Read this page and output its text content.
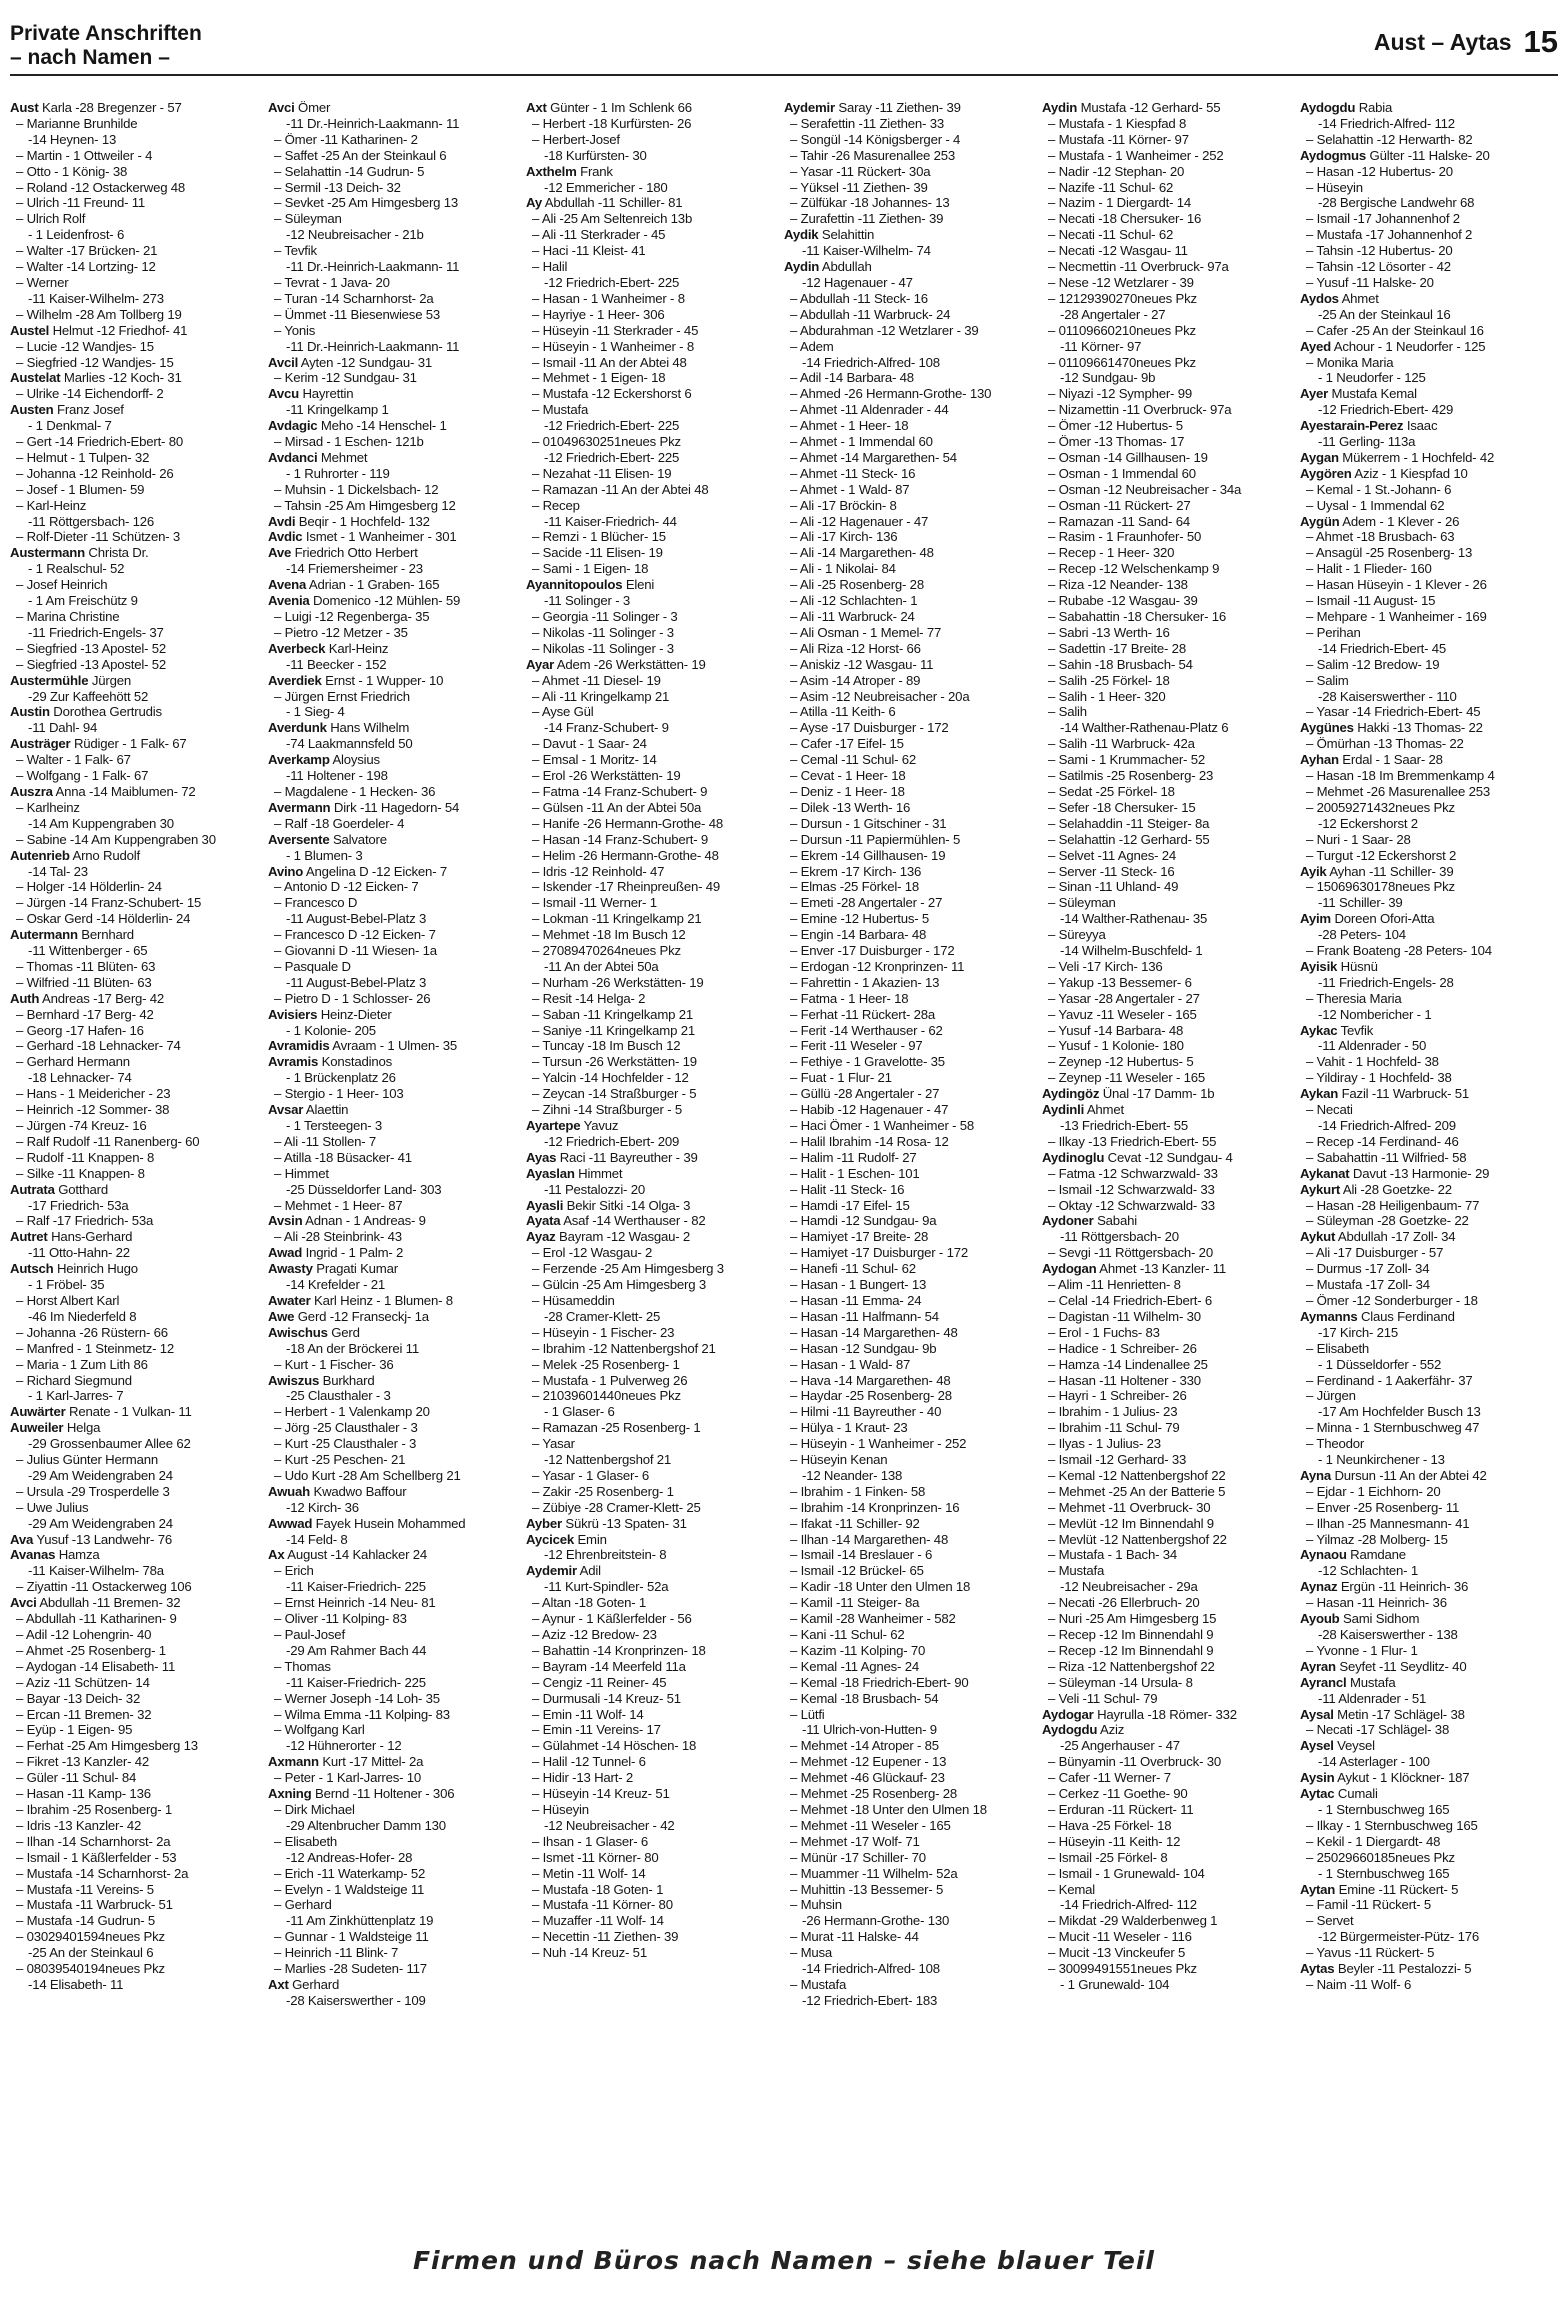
Private Anschriften
– nach Namen –
Aust – Aytas 15
Aust Karla -28 Bregenzer - 57
– Marianne Brunhilde
-14 Heynen- 13
– Martin - 1 Ottweiler - 4
– Otto - 1 König- 38
– Roland -12 Ostackerweg 48
– Ulrich -11 Freund- 11
– Ulrich Rolf
- 1 Leidenfrost- 6
– Walter -17 Brücken- 21
– Walter -14 Lortzing- 12
– Werner
-11 Kaiser-Wilhelm- 273
– Wilhelm -28 Am Tollberg 19
Austel Helmut -12 Friedhof- 41
– Lucie -12 Wandjes- 15
– Siegfried -12 Wandjes- 15
Austelat Marlies -12 Koch- 31
– Ulrike -14 Eichendorff- 2
Austen Franz Josef
- 1 Denkmal- 7
– Gert -14 Friedrich-Ebert- 80
– Helmut - 1 Tulpen- 32
– Johanna -12 Reinhold- 26
– Josef - 1 Blumen- 59
– Karl-Heinz
-11 Röttgersbach- 126
– Rolf-Dieter -11 Schützen- 3
Austermann Christa Dr.
- 1 Realschul- 52
– Josef Heinrich
- 1 Am Freischütz 9
– Marina Christine
-11 Friedrich-Engels- 37
– Siegfried -13 Apostel- 52
– Siegfried -13 Apostel- 52
Austermühle Jürgen
-29 Zur Kaffeehött 52
Austin Dorothea Gertrudis
-11 Dahl- 94
Austräger Rüdiger - 1 Falk- 67
– Walter - 1 Falk- 67
– Wolfgang - 1 Falk- 67
Auszra Anna -14 Maiblumen- 72
– Karlheinz
-14 Am Kuppengraben 30
– Sabine -14 Am Kuppengraben 30
Autenrieb Arno Rudolf
-14 Tal- 23
– Holger -14 Hölderlin- 24
– Jürgen -14 Franz-Schubert- 15
– Oskar Gerd -14 Hölderlin- 24
Autermann Bernhard
-11 Wittenberger - 65
– Thomas -11 Blüten- 63
– Wilfried -11 Blüten- 63
Auth Andreas -17 Berg- 42
– Bernhard -17 Berg- 42
– Georg -17 Hafen- 16
– Gerhard -18 Lehnacker- 74
– Gerhard Hermann
-18 Lehnacker- 74
– Hans - 1 Meidericher - 23
– Heinrich -12 Sommer- 38
– Jürgen -74 Kreuz- 16
– Ralf Rudolf -11 Ranenberg- 60
– Rudolf -11 Knappen- 8
– Silke -11 Knappen- 8
Autrata Gotthard
-17 Friedrich- 53a
– Ralf -17 Friedrich- 53a
Autret Hans-Gerhard
-11 Otto-Hahn- 22
Autsch Heinrich Hugo
- 1 Fröbel- 35
– Horst Albert Karl
-46 Im Niederfeld 8
– Johanna -26 Rüstern- 66
– Manfred - 1 Steinmetz- 12
– Maria - 1 Zum Lith 86
– Richard Siegmund
- 1 Karl-Jarres- 7
Auwärter Renate - 1 Vulkan- 11
Auweiler Helga
-29 Grossenbaumer Allee 62
– Julius Günter Hermann
-29 Am Weidengraben 24
– Ursula -29 Trosperdelle 3
– Uwe Julius
-29 Am Weidengraben 24
Ava Yusuf -13 Landwehr- 76
Avanas Hamza
-11 Kaiser-Wilhelm- 78a
– Ziyattin -11 Ostackerweg 106
Avci Abdullah -11 Bremen- 32
– Abdullah -11 Katharinen- 9
– Adil -12 Lohengrin- 40
– Ahmet -25 Rosenberg- 1
– Aydogan -14 Elisabeth- 11
– Aziz -11 Schützen- 14
– Bayar -13 Deich- 32
– Ercan -11 Bremen- 32
– Eyüp - 1 Eigen- 95
– Ferhat -25 Am Himgesberg 13
– Fikret -13 Kanzler- 42
– Güler -11 Schul- 84
– Hasan -11 Kamp- 136
– Ibrahim -25 Rosenberg- 1
– Idris -13 Kanzler- 42
– Ilhan -14 Scharnhorst- 2a
– Ismail - 1 Käßlerfelder - 53
– Mustafa -14 Scharnhorst- 2a
– Mustafa -11 Vereins- 5
– Mustafa -11 Warbruck- 51
– Mustafa -14 Gudrun- 5
– 03029401594neues Pkz
-25 An der Steinkaul 6
– 08039540194neues Pkz
-14 Elisabeth- 11
Avci Ömer
-11 Dr.-Heinrich-Laakmann- 11
– Ömer -11 Katharinen- 2
– Saffet -25 An der Steinkaul 6
– Selahattin -14 Gudrun- 5
– Sermil -13 Deich- 32
– Sevket -25 Am Himgesberg 13
– Süleyman
-12 Neubreisacher - 21b
– Tevfik
-11 Dr.-Heinrich-Laakmann- 11
– Tevrat - 1 Java- 20
– Turan -14 Scharnhorst- 2a
– Ümmet -11 Biesenwiese 53
– Yonis
-11 Dr.-Heinrich-Laakmann- 11
Avcil Ayten -12 Sundgau- 31
– Kerim -12 Sundgau- 31
Avcu Hayrettin
-11 Kringelkamp 1
Avdagic Meho -14 Henschel- 1
– Mirsad - 1 Eschen- 121b
Avdanci Mehmet
- 1 Ruhrorter - 119
– Muhsin - 1 Dickelsbach- 12
– Tahsin -25 Am Himgesberg 12
Avdi Beqir - 1 Hochfeld- 132
Avdic Ismet - 1 Wanheimer - 301
Ave Friedrich Otto Herbert
-14 Friemersheimer - 23
Avena Adrian - 1 Graben- 165
Avenia Domenico -12 Mühlen- 59
– Luigi -12 Regenberga- 35
– Pietro -12 Metzer - 35
Averbeck Karl-Heinz
-11 Beecker - 152
Averdiek Ernst - 1 Wupper- 10
– Jürgen Ernst Friedrich
- 1 Sieg- 4
Averdunk Hans Wilhelm
-74 Laakmannsfeld 50
Averkamp Aloysius
-11 Holtener - 198
– Magdalene - 1 Hecken- 36
Avermann Dirk -11 Hagedorn- 54
– Ralf -18 Goerdeler- 4
Aversente Salvatore
- 1 Blumen- 3
Avino Angelina D -12 Eicken- 7
– Antonio D -12 Eicken- 7
– Francesco D
-11 August-Bebel-Platz 3
– Francesco D -12 Eicken- 7
– Giovanni D -11 Wiesen- 1a
– Pasquale D
-11 August-Bebel-Platz 3
– Pietro D - 1 Schlosser- 26
Avisiers Heinz-Dieter
- 1 Kolonie- 205
Avramidis Avraam - 1 Ulmen- 35
Avramis Konstadinos
- 1 Brückenplatz 26
– Stergio - 1 Heer- 103
Avsar Alaettin
- 1 Tersteegen- 3
– Ali -11 Stollen- 7
– Atilla -18 Büsacker- 41
– Himmet
-25 Düsseldorfer Land- 303
– Mehmet - 1 Heer- 87
Avsin Adnan - 1 Andreas- 9
– Ali -28 Steinbrink- 43
Awad Ingrid - 1 Palm- 2
Awasty Pragati Kumar
-14 Krefelder - 21
Awater Karl Heinz - 1 Blumen- 8
Awe Gerd -12 Franseckj- 1a
Awischus Gerd
-18 An der Bröckerei 11
– Kurt - 1 Fischer- 36
Awiszus Burkhard
-25 Clausthaler - 3
– Herbert - 1 Valenkamp 20
– Jörg -25 Clausthaler - 3
– Kurt -25 Clausthaler - 3
– Kurt -25 Peschen- 21
– Udo Kurt -28 Am Schellberg 21
Awuah Kwadwo Baffour
-12 Kirch- 36
Awwad Fayek Husein Mohammed
-14 Feld- 8
Ax August -14 Kahlacker 24
– Erich
-11 Kaiser-Friedrich- 225
– Ernst Heinrich -14 Neu- 81
– Oliver -11 Kolping- 83
– Paul-Josef
-29 Am Rahmer Bach 44
– Thomas
-11 Kaiser-Friedrich- 225
– Werner Joseph -14 Loh- 35
– Wilma Emma -11 Kolping- 83
– Wolfgang Karl
-12 Hühnerorter - 12
Axmann Kurt -17 Mittel- 2a
– Peter - 1 Karl-Jarres- 10
Axning Bernd -11 Holtener - 306
– Dirk Michael
-29 Altenbrucher Damm 130
– Elisabeth
-12 Andreas-Hofer- 28
– Erich -11 Waterkamp- 52
– Evelyn - 1 Waldsteige 11
– Gerhard
-11 Am Zinkhüttenplatz 19
– Gunnar - 1 Waldsteige 11
– Heinrich -11 Blink- 7
– Marlies -28 Sudeten- 117
Axt Gerhard
-28 Kaiserswerther - 109
Axt Günter - 1 Im Schlenk 66
– Herbert -18 Kurfürsten- 26
– Herbert-Josef
-18 Kurfürsten- 30
Axthelm Frank
-12 Emmericher - 180
Ay Abdullah -11 Schiller- 81
– Ali -25 Am Seltenreich 13b
– Ali -11 Sterkrader - 45
– Haci -11 Kleist- 41
– Halil
-12 Friedrich-Ebert- 225
– Hasan - 1 Wanheimer - 8
– Hayriye - 1 Heer- 306
– Hüseyin -11 Sterkrader - 45
– Hüseyin - 1 Wanheimer - 8
– Ismail -11 An der Abtei 48
– Mehmet - 1 Eigen- 18
– Mustafa -12 Eckershorst 6
– Mustafa
-12 Friedrich-Ebert- 225
– 01049630251neues Pkz
-12 Friedrich-Ebert- 225
– Nezahat -11 Elisen- 19
– Ramazan -11 An der Abtei 48
– Recep
-11 Kaiser-Friedrich- 44
– Remzi - 1 Blücher- 15
– Sacide -11 Elisen- 19
– Sami - 1 Eigen- 18
Ayannitopoulos Eleni
-11 Solinger - 3
– Georgia -11 Solinger - 3
– Nikolas -11 Solinger - 3
– Nikolas -11 Solinger - 3
Ayar Adem -26 Werkstätten- 19
– Ahmet -11 Diesel- 19
– Ali -11 Kringelkamp 21
– Ayse Gül
-14 Franz-Schubert- 9
– Davut - 1 Saar- 24
– Emsal - 1 Moritz- 14
– Erol -26 Werkstätten- 19
– Fatma -14 Franz-Schubert- 9
– Gülsen -11 An der Abtei 50a
– Hanife -26 Hermann-Grothe- 48
– Hasan -14 Franz-Schubert- 9
– Helim -26 Hermann-Grothe- 48
– Idris -12 Reinhold- 47
– Iskender -17 Rheinpreußen- 49
– Ismail -11 Werner- 1
– Lokman -11 Kringelkamp 21
– Mehmet -18 Im Busch 12
– 27089470264neues Pkz
-11 An der Abtei 50a
– Nurham -26 Werkstätten- 19
– Resit -14 Helga- 2
– Saban -11 Kringelkamp 21
– Saniye -11 Kringelkamp 21
– Tuncay -18 Im Busch 12
– Tursun -26 Werkstätten- 19
– Yalcin -14 Hochfelder - 12
– Zeycan -14 Straßburger - 5
– Zihni -14 Straßburger - 5
Ayartepe Yavuz
-12 Friedrich-Ebert- 209
Ayas Raci -11 Bayreuther - 39
Ayaslan Himmet
-11 Pestalozzi- 20
Ayasli Bekir Sitki -14 Olga- 3
Ayata Asaf -14 Werthauser - 82
Ayaz Bayram -12 Wasgau- 2
– Erol -12 Wasgau- 2
– Ferzende -25 Am Himgesberg 3
– Gülcin -25 Am Himgesberg 3
– Hüsameddin
-28 Cramer-Klett- 25
– Hüseyin - 1 Fischer- 23
– Ibrahim -12 Nattenbergshof 21
– Melek -25 Rosenberg- 1
– Mustafa - 1 Pulverweg 26
– 21039601440neues Pkz
- 1 Glaser- 6
– Ramazan -25 Rosenberg- 1
– Yasar
-12 Nattenbergshof 21
– Yasar - 1 Glaser- 6
– Zakir -25 Rosenberg- 1
– Zübiye -28 Cramer-Klett- 25
Ayber Sükrü -13 Spaten- 31
Aycicek Emin
-12 Ehrenbreitstein- 8
Aydemir Adil
-11 Kurt-Spindler- 52a
– Altan -18 Goten- 1
– Aynur - 1 Käßlerfelder - 56
– Aziz -12 Bredow- 23
– Bahattin -14 Kronprinzen- 18
– Bayram -14 Meerfeld 11a
– Cengiz -11 Reiner- 45
– Durmusali -14 Kreuz- 51
– Emin -11 Wolf- 14
– Emin -11 Vereins- 17
– Gülahmet -14 Höschen- 18
– Halil -12 Tunnel- 6
– Hidir -13 Hart- 2
– Hüseyin -14 Kreuz- 51
– Hüseyin
-12 Neubreisacher - 42
– Ihsan - 1 Glaser- 6
– Ismet -11 Körner- 80
– Metin -11 Wolf- 14
– Mustafa -18 Goten- 1
– Mustafa -11 Körner- 80
– Muzaffer -11 Wolf- 14
– Necettin -11 Ziethen- 39
– Nuh -14 Kreuz- 51
Aydemir Saray -11 Ziethen- 39
– Serafettin -11 Ziethen- 33
– Songül -14 Königsberger - 4
– Tahir -26 Masurenallee 253
– Yasar -11 Rückert- 30a
– Yüksel -11 Ziethen- 39
– Zülfükar -18 Johannes- 13
– Zurafettin -11 Ziethen- 39
Aydik Selahittin
-11 Kaiser-Wilhelm- 74
Aydin Abdullah
-12 Hagenauer - 47
– Abdullah -11 Steck- 16
– Abdullah -11 Warbruck- 24
– Abdurahman -12 Wetzlarer - 39
– Adem
-14 Friedrich-Alfred- 108
– Adil -14 Barbara- 48
– Ahmed -26 Hermann-Grothe- 130
– Ahmet -11 Aldenrader - 44
– Ahmet - 1 Heer- 18
– Ahmet - 1 Immendal 60
– Ahmet -14 Margarethen- 54
– Ahmet -11 Steck- 16
– Ahmet - 1 Wald- 87
– Ali -17 Bröckin- 8
– Ali -12 Hagenauer - 47
– Ali -17 Kirch- 136
– Ali -14 Margarethen- 48
– Ali - 1 Nikolai- 84
– Ali -25 Rosenberg- 28
– Ali -12 Schlachten- 1
– Ali -11 Warbruck- 24
– Ali Osman - 1 Memel- 77
– Ali Riza -12 Horst- 66
– Aniskiz -12 Wasgau- 11
– Asim -14 Atroper - 89
– Asim -12 Neubreisacher - 20a
– Atilla -11 Keith- 6
– Ayse -17 Duisburger - 172
– Cafer -17 Eifel- 15
– Cemal -11 Schul- 62
– Cevat - 1 Heer- 18
– Deniz - 1 Heer- 18
– Dilek -13 Werth- 16
– Dursun - 1 Gitschiner - 31
– Dursun -11 Papiermühlen- 5
– Ekrem -14 Gillhausen- 19
– Ekrem -17 Kirch- 136
– Elmas -25 Förkel- 18
– Emeti -28 Angertaler - 27
– Emine -12 Hubertus- 5
– Engin -14 Barbara- 48
– Enver -17 Duisburger - 172
– Erdogan -12 Kronprinzen- 11
– Fahrettin - 1 Akazien- 13
– Fatma - 1 Heer- 18
– Ferhat -11 Rückert- 28a
– Ferit -14 Werthauser - 62
– Ferit -11 Weseler - 97
– Fethiye - 1 Gravelotte- 35
– Fuat - 1 Flur- 21
– Güllü -28 Angertaler - 27
– Habib -12 Hagenauer - 47
– Haci Ömer - 1 Wanheimer - 58
– Halil Ibrahim -14 Rosa- 12
– Halim -11 Rudolf- 27
– Halit - 1 Eschen- 101
– Halit -11 Steck- 16
– Hamdi -17 Eifel- 15
– Hamdi -12 Sundgau- 9a
– Hamiyet -17 Breite- 28
– Hamiyet -17 Duisburger - 172
– Hanefi -11 Schul- 62
– Hasan - 1 Bungert- 13
– Hasan -11 Emma- 24
– Hasan -11 Halfmann- 54
– Hasan -14 Margarethen- 48
– Hasan -12 Sundgau- 9b
– Hasan - 1 Wald- 87
– Hava -14 Margarethen- 48
– Haydar -25 Rosenberg- 28
– Hilmi -11 Bayreuther - 40
– Hülya - 1 Kraut- 23
– Hüseyin - 1 Wanheimer - 252
– Hüseyin Kenan
-12 Neander- 138
– Ibrahim - 1 Finken- 58
– Ibrahim -14 Kronprinzen- 16
– Ifakat -11 Schiller- 92
– Ilhan -14 Margarethen- 48
– Ismail -14 Breslauer - 6
– Ismail -12 Brückel- 65
– Kadir -18 Unter den Ulmen 18
– Kamil -11 Steiger- 8a
– Kamil -28 Wanheimer - 582
– Kani -11 Schul- 62
– Kazim -11 Kolping- 70
– Kemal -11 Agnes- 24
– Kemal -18 Friedrich-Ebert- 90
– Kemal -18 Brusbach- 54
– Lütfi
-11 Ulrich-von-Hutten- 9
– Mehmet -14 Atroper - 85
– Mehmet -12 Eupener - 13
– Mehmet -46 Glückauf- 23
– Mehmet -25 Rosenberg- 28
– Mehmet -18 Unter den Ulmen 18
– Mehmet -11 Weseler - 165
– Mehmet -17 Wolf- 71
– Münür -17 Schiller- 70
– Muammer -11 Wilhelm- 52a
– Muhittin -13 Bessemer- 5
– Muhsin
-26 Hermann-Grothe- 130
– Murat -11 Halske- 44
– Musa
-14 Friedrich-Alfred- 108
– Mustafa
-12 Friedrich-Ebert- 183
Aydin Mustafa -12 Gerhard- 55
– Mustafa - 1 Kiespfad 8
– Mustafa -11 Körner- 97
– Mustafa - 1 Wanheimer - 252
– Nadir -12 Stephan- 20
– Nazife -11 Schul- 62
– Nazim - 1 Diergardt- 14
– Necati -18 Chersuker- 16
– Necati -11 Schul- 62
– Necati -12 Wasgau- 11
– Necmettin -11 Overbruck- 97a
– Nese -12 Wetzlarer - 39
– 12129390270neues Pkz
-28 Angertaler - 27
– 01109660210neues Pkz
-11 Körner- 97
– 01109661470neues Pkz
-12 Sundgau- 9b
– Niyazi -12 Sympher- 99
– Nizamettin -11 Overbruck- 97a
– Ömer -12 Hubertus- 5
– Ömer -13 Thomas- 17
– Osman -14 Gillhausen- 19
– Osman - 1 Immendal 60
– Osman -12 Neubreisacher - 34a
– Osman -11 Rückert- 27
– Ramazan -11 Sand- 64
– Rasim - 1 Fraunhofer- 50
– Recep - 1 Heer- 320
– Recep -12 Welschenkamp 9
– Riza -12 Neander- 138
– Rubabe -12 Wasgau- 39
– Sabahattin -18 Chersuker- 16
– Sabri -13 Werth- 16
– Sadettin -17 Breite- 28
– Sahin -18 Brusbach- 54
– Salih -25 Förkel- 18
– Salih - 1 Heer- 320
– Salih
-14 Walther-Rathenau-Platz 6
– Salih -11 Warbruck- 42a
– Sami - 1 Krummacher- 52
– Satilmis -25 Rosenberg- 23
– Sedat -25 Förkel- 18
– Sefer -18 Chersuker- 15
– Selahaddin -11 Steiger- 8a
– Selahattin -12 Gerhard- 55
– Selvet -11 Agnes- 24
– Server -11 Steck- 16
– Sinan -11 Uhland- 49
– Süleyman
-14 Walther-Rathenau- 35
– Süreyya
-14 Wilhelm-Buschfeld- 1
– Veli -17 Kirch- 136
– Yakup -13 Bessemer- 6
– Yasar -28 Angertaler - 27
– Yavuz -11 Weseler - 165
– Yusuf -14 Barbara- 48
– Yusuf - 1 Kolonie- 180
– Zeynep -12 Hubertus- 5
– Zeynep -11 Weseler - 165
Aydingöz Ünal -17 Damm- 1b
Aydinli Ahmet
-13 Friedrich-Ebert- 55
– Ilkay -13 Friedrich-Ebert- 55
Aydinoglu Cevat -12 Sundgau- 4
– Fatma -12 Schwarzwald- 33
– Ismail -12 Schwarzwald- 33
– Oktay -12 Schwarzwald- 33
Aydoner Sabahi
-11 Röttgersbach- 20
– Sevgi -11 Röttgersbach- 20
Aydogan Ahmet -13 Kanzler- 11
– Alim -11 Henrietten- 8
– Celal -14 Friedrich-Ebert- 6
– Dagistan -11 Wilhelm- 30
– Erol - 1 Fuchs- 83
– Hadice - 1 Schreiber- 26
– Hamza -14 Lindenallee 25
– Hasan -11 Holtener - 330
– Hayri - 1 Schreiber- 26
– Ibrahim - 1 Julius- 23
– Ibrahim -11 Schul- 79
– Ilyas - 1 Julius- 23
– Ismail -12 Gerhard- 33
– Kemal -12 Nattenbergshof 22
– Mehmet -25 An der Batterie 5
– Mehmet -11 Overbruck- 30
– Mevlüt -12 Im Binnendahl 9
– Mevlüt -12 Nattenbergshof 22
– Mustafa - 1 Bach- 34
– Mustafa
-12 Neubreisacher - 29a
– Necati -26 Ellerbruch- 20
– Nuri -25 Am Himgesberg 15
– Recep -12 Im Binnendahl 9
– Recep -12 Im Binnendahl 9
– Riza -12 Nattenbergshof 22
– Süleyman -14 Ursula- 8
– Veli -11 Schul- 79
Aydogar Hayrulla -18 Römer- 332
Aydogdu Aziz
-25 Angerhauser - 47
– Bünyamin -11 Overbruck- 30
– Cafer -11 Werner- 7
– Cerkez -11 Goethe- 90
– Erduran -11 Rückert- 11
– Hava -25 Förkel- 18
– Hüseyin -11 Keith- 12
– Ismail -25 Förkel- 8
– Ismail - 1 Grunewald- 104
– Kemal
-14 Friedrich-Alfred- 112
– Mikdat -29 Walderbenweg 1
– Mucit -11 Weseler - 116
– Mucit -13 Vinckeufer 5
– 30099491551neues Pkz
- 1 Grunewald- 104
Aydogdu Rabia
-14 Friedrich-Alfred- 112
– Selahattin -12 Herwarth- 82
Aydogmus Gülter -11 Halske- 20
– Hasan -12 Hubertus- 20
– Hüseyin
-28 Bergische Landwehr 68
– Ismail -17 Johannenhof 2
– Mustafa -17 Johannenhof 2
– Tahsin -12 Hubertus- 20
– Tahsin -12 Lösorter - 42
– Yusuf -11 Halske- 20
Aydos Ahmet
-25 An der Steinkaul 16
– Cafer -25 An der Steinkaul 16
Ayed Achour - 1 Neudorfer - 125
– Monika Maria
- 1 Neudorfer - 125
Ayer Mustafa Kemal
-12 Friedrich-Ebert- 429
Ayestarain-Perez Isaac
-11 Gerling- 113a
Aygan Mükerrem - 1 Hochfeld- 42
Aygören Aziz - 1 Kiespfad 10
– Kemal - 1 St.-Johann- 6
– Uysal - 1 Immendal 62
Aygün Adem - 1 Klever - 26
– Ahmet -18 Brusbach- 63
– Ansagül -25 Rosenberg- 13
– Halit - 1 Flieder- 160
– Hasan Hüseyin - 1 Klever - 26
– Ismail -11 August- 15
– Mehpare - 1 Wanheimer - 169
– Perihan
-14 Friedrich-Ebert- 45
– Salim -12 Bredow- 19
– Salim
-28 Kaiserswerther - 110
– Yasar -14 Friedrich-Ebert- 45
Aygünes Hakki -13 Thomas- 22
– Ömürhan -13 Thomas- 22
Ayhan Erdal - 1 Saar- 28
– Hasan -18 Im Bremmenkamp 4
– Mehmet -26 Masurenallee 253
– 20059271432neues Pkz
-12 Eckershorst 2
– Nuri - 1 Saar- 28
– Turgut -12 Eckershorst 2
Ayik Ayhan -11 Schiller- 39
– 15069630178neues Pkz
-11 Schiller- 39
Ayim Doreen Ofori-Atta
-28 Peters- 104
– Frank Boateng -28 Peters- 104
Ayisik Hüsnü
-11 Friedrich-Engels- 28
– Theresia Maria
-12 Nombericher - 1
Aykac Tevfik
-11 Aldenrader - 50
– Vahit - 1 Hochfeld- 38
– Yildiray - 1 Hochfeld- 38
Aykan Fazil -11 Warbruck- 51
– Necati
-14 Friedrich-Alfred- 209
– Recep -14 Ferdinand- 46
– Sabahattin -11 Wilfried- 58
Aykanat Davut -13 Harmonie- 29
Aykurt Ali -28 Goetzke- 22
– Hasan -28 Heiligenbaum- 77
– Süleyman -28 Goetzke- 22
Aykut Abdullah -17 Zoll- 34
– Ali -17 Duisburger - 57
– Durmus -17 Zoll- 34
– Mustafa -17 Zoll- 34
– Ömer -12 Sonderburger - 18
Aymanns Claus Ferdinand
-17 Kirch- 215
– Elisabeth
- 1 Düsseldorfer - 552
– Ferdinand - 1 Aakerfähr- 37
– Jürgen
-17 Am Hochfelder Busch 13
– Minna - 1 Sternbuschweg 47
– Theodor
- 1 Neunkirchener - 13
Ayna Dursun -11 An der Abtei 42
– Ejdar - 1 Eichhorn- 20
– Enver -25 Rosenberg- 11
– Ilhan -25 Mannesmann- 41
– Yilmaz -28 Molberg- 15
Aynaou Ramdane
-12 Schlachten- 1
Aynaz Ergün -11 Heinrich- 36
– Hasan -11 Heinrich- 36
Ayoub Sami Sidhom
-28 Kaiserswerther - 138
– Yvonne - 1 Flur- 1
Ayran Seyfet -11 Seydlitz- 40
Ayrancl Mustafa
-11 Aldenrader - 51
Aysal Metin -17 Schlägel- 38
– Necati -17 Schlägel- 38
Aysel Veysel
-14 Asterlager - 100
Aysin Aykut - 1 Klöckner- 187
Aytac Cumali
- 1 Sternbuschweg 165
– Ilkay - 1 Sternbuschweg 165
– Kekil - 1 Diergardt- 48
– 25029660185neues Pkz
- 1 Sternbuschweg 165
Aytan Emine -11 Rückert- 5
– Famil -11 Rückert- 5
– Servet
-12 Bürgermeister-Pütz- 176
– Yavus -11 Rückert- 5
Aytas Beyler -11 Pestalozzi- 5
– Naim -11 Wolf- 6
Firmen und Büros nach Namen – siehe blauer Teil
